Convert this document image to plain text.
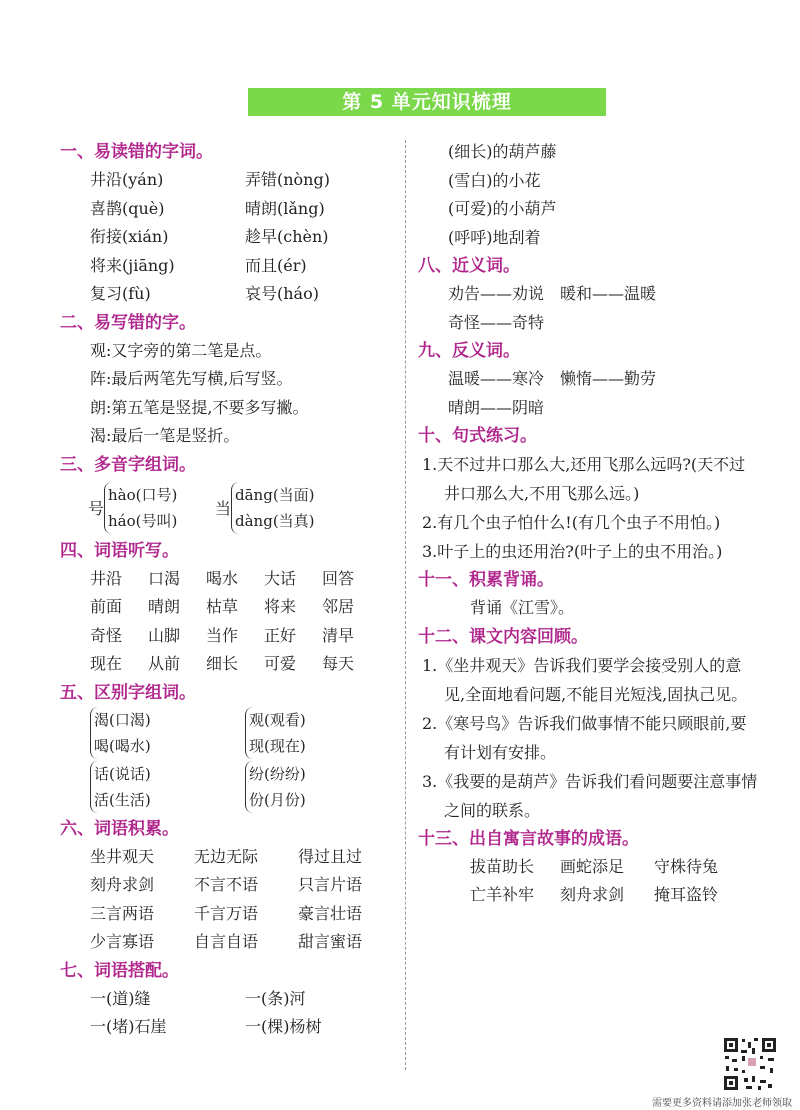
第 5 单元知识梳理
一、易读错的字词。
井沿(yán)	弄错(nòng)
喜鹊(què)	晴朗(lǎng)
衔接(xián)	趁早(chèn)
将来(jiāng)	而且(ér)
复习(fù)	哀号(háo)
二、易写错的字。
观:又字旁的第二笔是点。
阵:最后两笔先写横,后写竖。
朗:第五笔是竖提,不要多写撇。
渴:最后一笔是竖折。
三、多音字组词。
号
hào(口号)
háo(号叫)
当
dāng(当面)
dàng(当真)
四、词语听写。
井沿	口渴	喝水	大话	回答
前面	晴朗	枯草	将来	邻居
奇怪	山脚	当作	正好	清早
现在	从前	细长	可爱	每天
五、区别字组词。
渴(口渴)
喝(喝水)
观(观看)
现(现在)
话(说话)
活(生活)
纷(纷纷)
份(月份)
六、词语积累。
坐井观天	无边无际	得过且过
刻舟求剑	不言不语	只言片语
三言两语	千言万语	豪言壮语
少言寡语	自言自语	甜言蜜语
七、词语搭配。
一(道)缝	一(条)河
一(堵)石崖	一(棵)杨树
(细长)的葫芦藤
(雪白)的小花
(可爱)的小葫芦
(呼呼)地刮着
八、近义词。
劝告——劝说　暖和——温暖
奇怪——奇特
九、反义词。
温暖——寒冷　懒惰——勤劳
晴朗——阴暗
十、句式练习。
1.天不过井口那么大,还用飞那么远吗?(天不过井口那么大,不用飞那么远。)
2.有几个虫子怕什么!(有几个虫子不用怕。)
3.叶子上的虫还用治?(叶子上的虫不用治。)
十一、积累背诵。
背诵《江雪》。
十二、课文内容回顾。
1.《坐井观天》告诉我们要学会接受别人的意见,全面地看问题,不能目光短浅,固执己见。
2.《寒号鸟》告诉我们做事情不能只顾眼前,要有计划有安排。
3.《我要的是葫芦》告诉我们看问题要注意事情之间的联系。
十三、出自寓言故事的成语。
拔苗助长	画蛇添足	守株待兔
亡羊补牢	刻舟求剑	掩耳盗铃
需要更多资料请添加张老师领取
